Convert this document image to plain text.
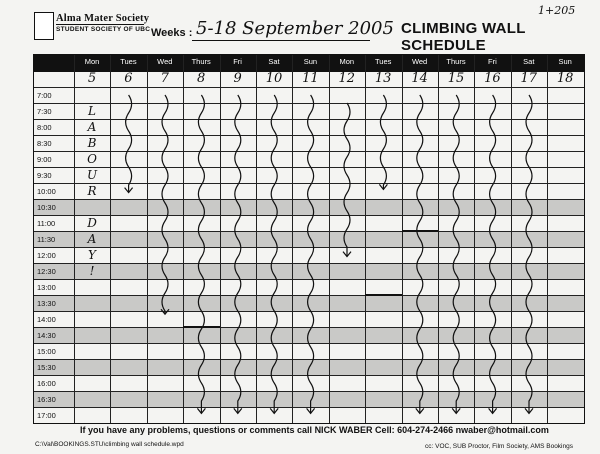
Alma Mater Society
STUDENT SOCIETY OF UBC Weeks : 5-18 September 2005 CLIMBING WALL SCHEDULE
1+205
7:00
7:30
8:00
8:30
9:00
9:30
10:00
10:30
11:00
11:30
12:00
12:30
13:00
13:30
14:00
14:30
15:00
15:30
16:00
16:30
17:00
Mon
5
Tues
6
Wed
7
Thurs
8
Fri
9
Sat
10
Sun
11
Mon
12
Tues
13
Wed
14
Thurs
15
Fri
16
Sat
17
Sun
18
L
A
B
O
U
R
D
A
Y
!
If you have any problems, questions or comments call NICK WABER Cell: 604-274-2466 nwaber@hotmail.com
C:\Val\BOOKINGS.STU\climbing wall schedule.wpd	cc: VOC, SUB Proctor, Film Society, AMS Bookings
